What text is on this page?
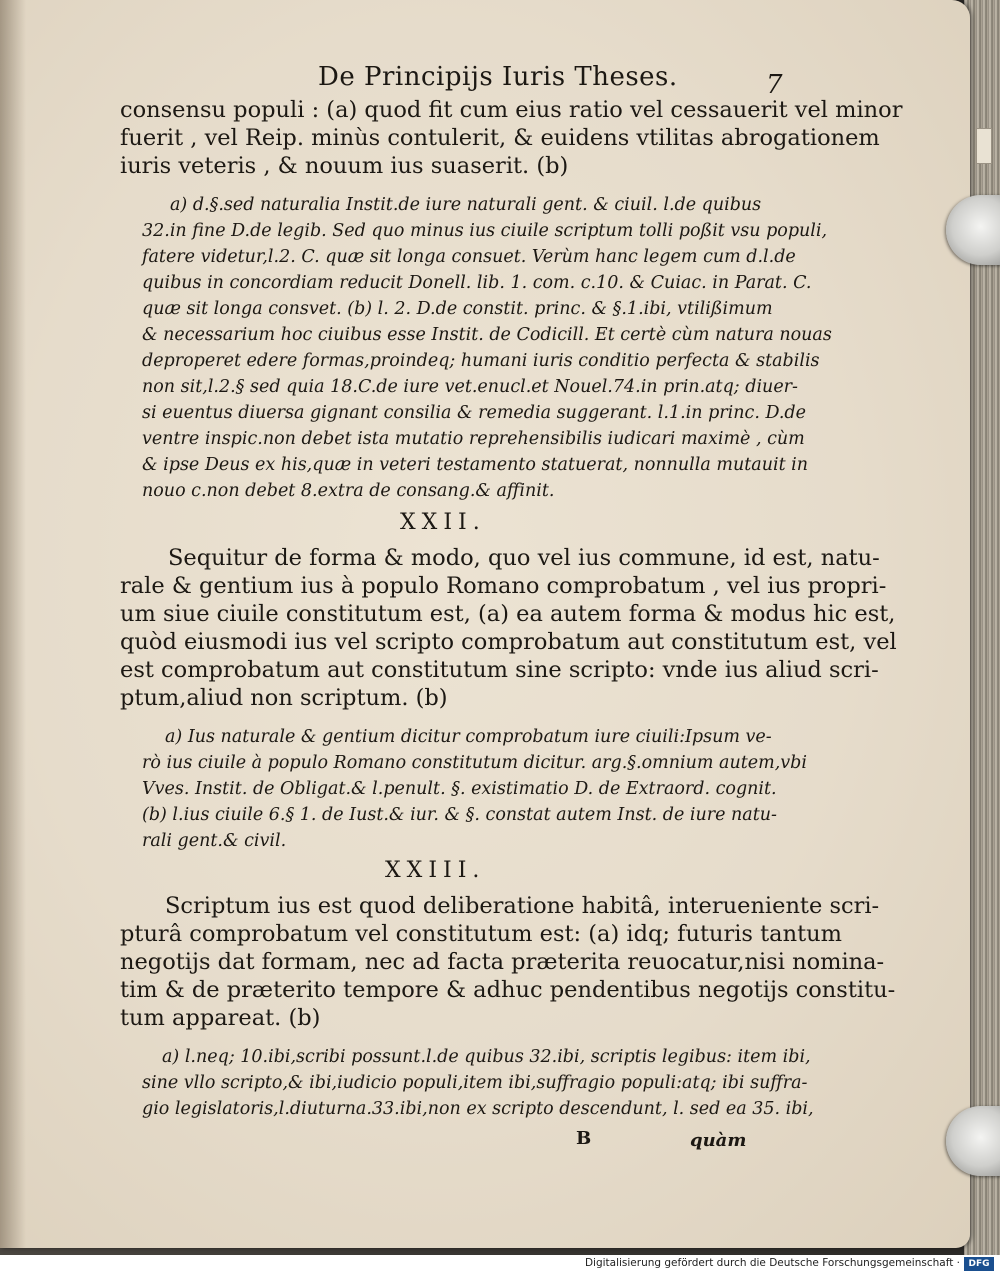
De Principijs Iuris Theses.	7
consensu populi : (a) quod fit cum eius ratio vel cessauerit vel minor
fuerit , vel Reip. minùs contulerit, & euidens vtilitas abrogationem
iuris veteris , & nouum ius suaserit. (b)
a) d.§.sed naturalia Instit.de iure naturali gent. & ciuil. l.de quibus
32.in fine D.de legib. Sed quo minus ius ciuile scriptum tolli poßit vsu populi,
fatere videtur,l.2. C. quæ sit longa consuet. Verùm hanc legem cum d.l.de
quibus in concordiam reducit Donell. lib. 1. com. c.10. & Cuiac. in Parat. C.
quæ sit longa consvet. (b) l. 2. D.de constit. princ. & §.1.ibi, vtilißimum
& necessarium hoc ciuibus esse Instit. de Codicill. Et certè cùm natura nouas
deproperet edere formas,proindeq; humani iuris conditio perfecta & stabilis
non sit,l.2.§ sed quia 18.C.de iure vet.enucl.et Nouel.74.in prin.atq; diuer-
si euentus diuersa gignant consilia & remedia suggerant. l.1.in princ. D.de
ventre inspic.non debet ista mutatio reprehensibilis iudicari maximè , cùm
& ipse Deus ex his,quæ in veteri testamento statuerat, nonnulla mutauit in
nouo c.non debet 8.extra de consang.& affinit.
XXII.
Sequitur de forma & modo, quo vel ius commune, id est, natu-
rale & gentium ius à populo Romano comprobatum , vel ius propri-
um siue ciuile constitutum est, (a) ea autem forma & modus hic est,
quòd eiusmodi ius vel scripto comprobatum aut constitutum est, vel
est comprobatum aut constitutum sine scripto: vnde ius aliud scri-
ptum,aliud non scriptum. (b)
a) Ius naturale & gentium dicitur comprobatum iure ciuili:Ipsum ve-
rò ius ciuile à populo Romano constitutum dicitur. arg.§.omnium autem,vbi
Vves. Instit. de Obligat.& l.penult. §. existimatio D. de Extraord. cognit.
(b) l.ius ciuile 6.§ 1. de Iust.& iur. & §. constat autem Inst. de iure natu-
rali gent.& civil.
XXIII.
Scriptum ius est quod deliberatione habitâ, interueniente scri-
pturâ comprobatum vel constitutum est: (a) idq; futuris tantum
negotijs dat formam, nec ad facta præterita reuocatur,nisi nomina-
tim & de præterito tempore & adhuc pendentibus negotijs constitu-
tum appareat. (b)
a) l.neq; 10.ibi,scribi possunt.l.de quibus 32.ibi, scriptis legibus: item ibi,
sine vllo scripto,& ibi,iudicio populi,item ibi,suffragio populi:atq; ibi suffra-
gio legislatoris,l.diuturna.33.ibi,non ex scripto descendunt, l. sed ea 35. ibi,
B	quàm
Digitalisierung gefördert durch die Deutsche Forschungsgemeinschaft · DFG
